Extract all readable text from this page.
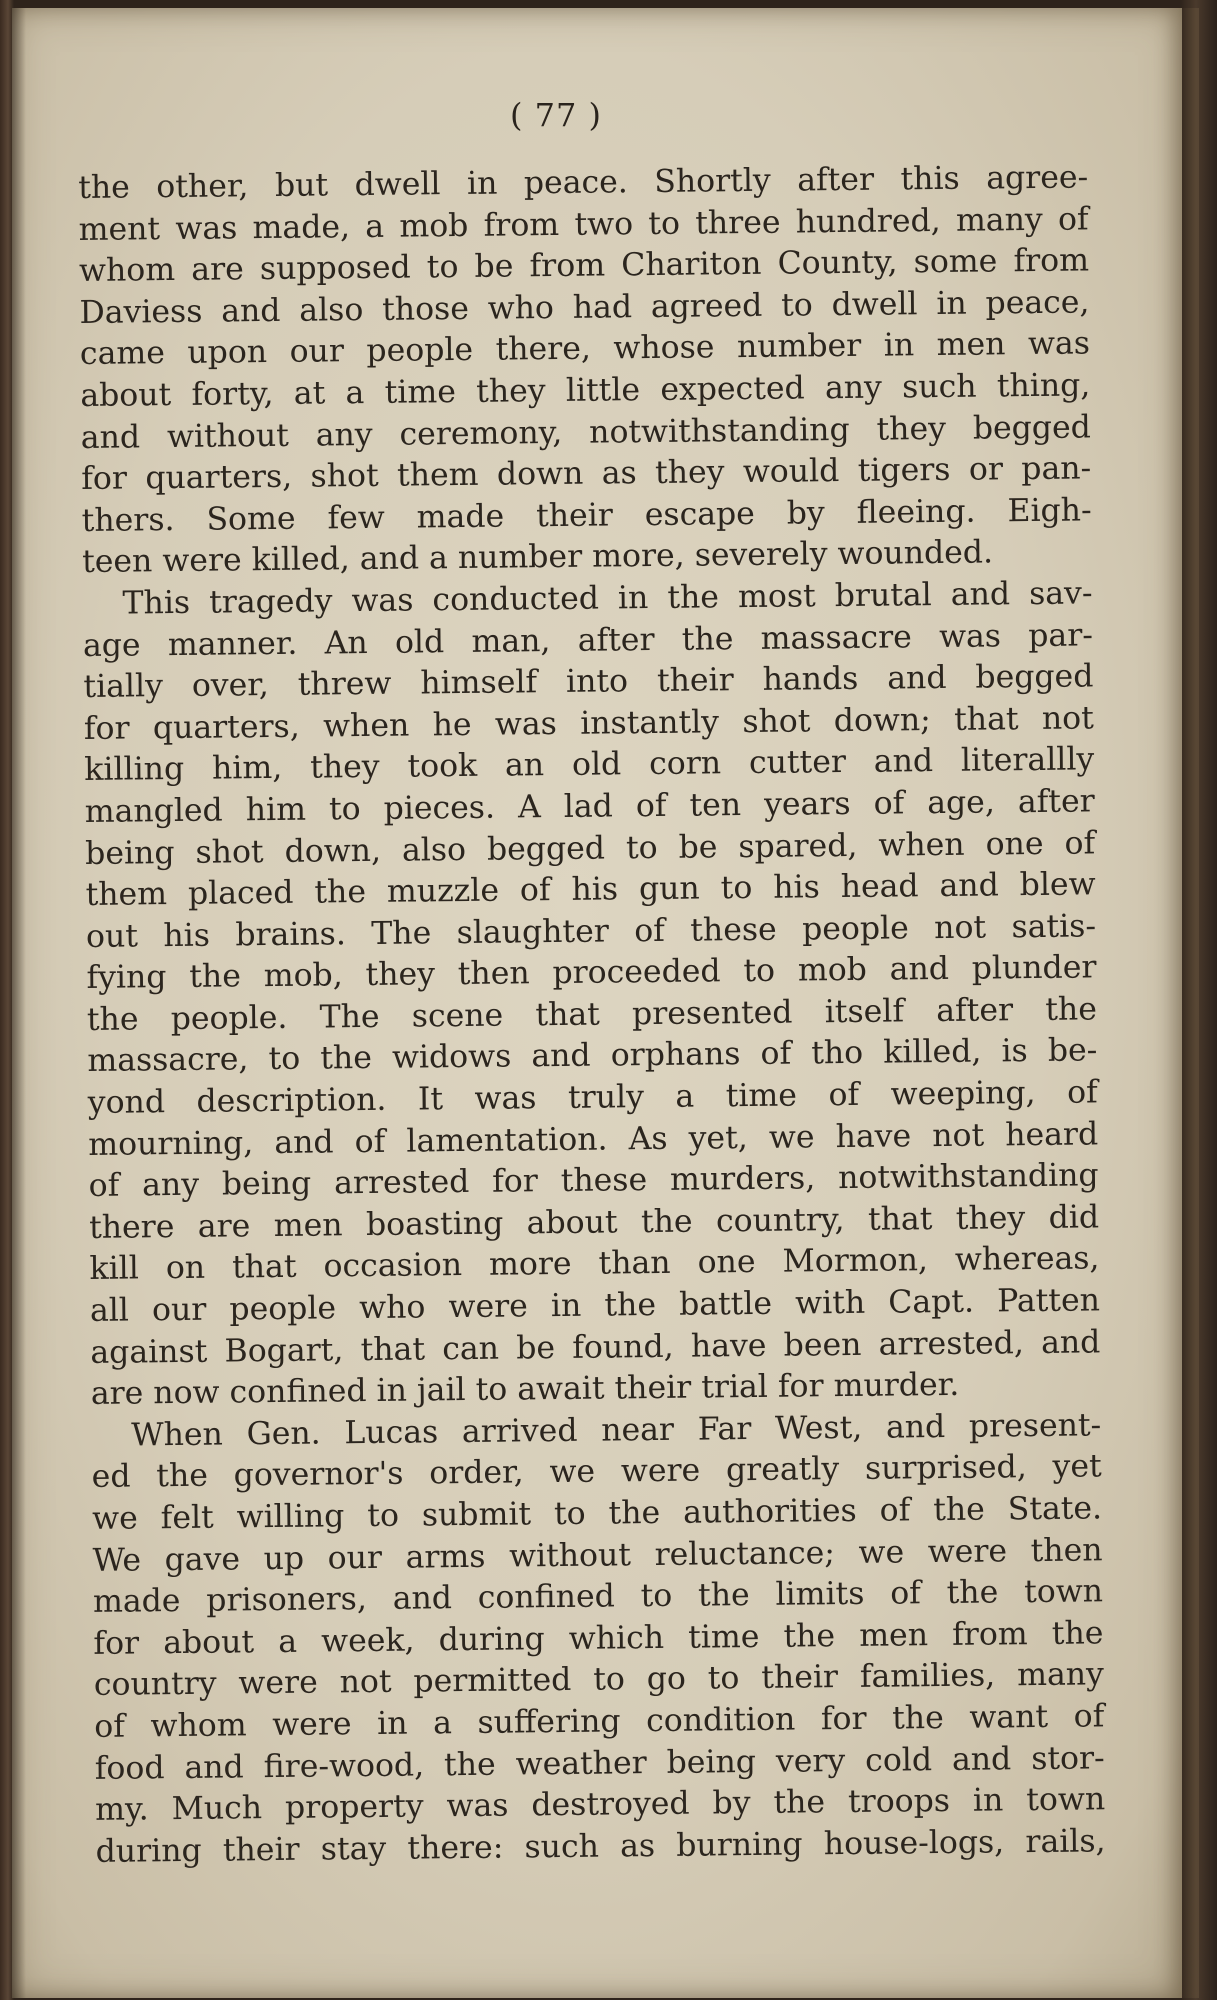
( 77 )
the other, but dwell in peace. Shortly after this agree-
ment was made, a mob from two to three hundred, many of
whom are supposed to be from Chariton County, some from
Daviess and also those who had agreed to dwell in peace,
came upon our people there, whose number in men was
about forty, at a time they little expected any such thing,
and without any ceremony, notwithstanding they begged
for quarters, shot them down as they would tigers or pan-
thers. Some few made their escape by fleeing. Eigh-
teen were killed, and a number more, severely wounded.
This tragedy was conducted in the most brutal and sav-
age manner. An old man, after the massacre was par-
tially over, threw himself into their hands and begged
for quarters, when he was instantly shot down; that not
killing him, they took an old corn cutter and literallly
mangled him to pieces. A lad of ten years of age, after
being shot down, also begged to be spared, when one of
them placed the muzzle of his gun to his head and blew
out his brains. The slaughter of these people not satis-
fying the mob, they then proceeded to mob and plunder
the people. The scene that presented itself after the
massacre, to the widows and orphans of tho killed, is be-
yond description. It was truly a time of weeping, of
mourning, and of lamentation. As yet, we have not heard
of any being arrested for these murders, notwithstanding
there are men boasting about the country, that they did
kill on that occasion more than one Mormon, whereas,
all our people who were in the battle with Capt. Patten
against Bogart, that can be found, have been arrested, and
are now confined in jail to await their trial for murder.
When Gen. Lucas arrived near Far West, and present-
ed the governor's order, we were greatly surprised, yet
we felt willing to submit to the authorities of the State.
We gave up our arms without reluctance; we were then
made prisoners, and confined to the limits of the town
for about a week, during which time the men from the
country were not permitted to go to their families, many
of whom were in a suffering condition for the want of
food and fire-wood, the weather being very cold and stor-
my. Much property was destroyed by the troops in town
during their stay there: such as burning house-logs, rails,
